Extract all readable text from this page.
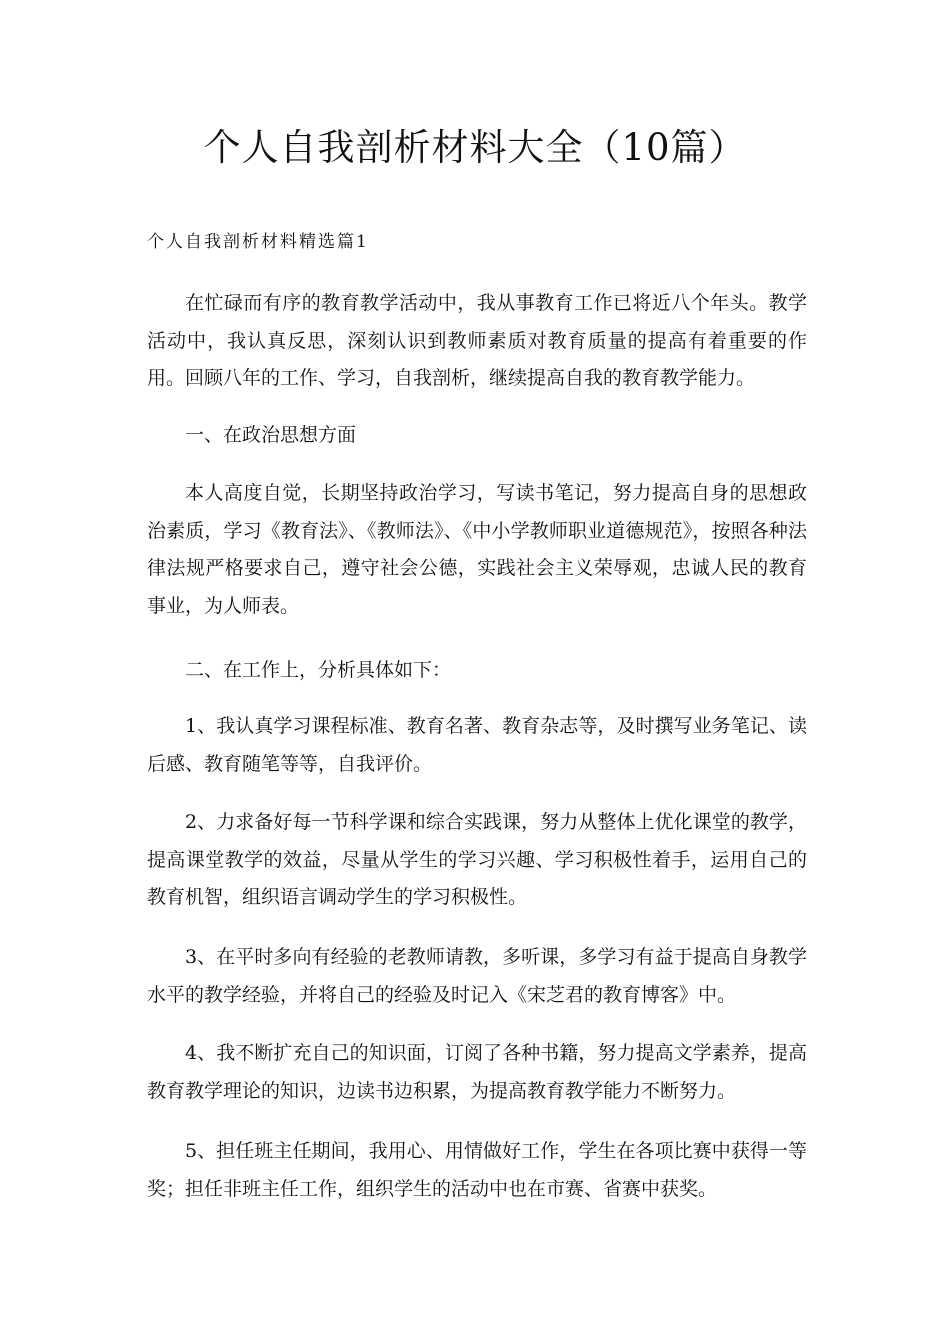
个人自我剖析材料大全（10篇）

个人自我剖析材料精选篇1

在忙碌而有序的教育教学活动中，我从事教育工作已将近八个年头。教学活动中，我认真反思，深刻认识到教师素质对教育质量的提高有着重要的作用。回顾八年的工作、学习，自我剖析，继续提高自我的教育教学能力。

一、在政治思想方面

本人高度自觉，长期坚持政治学习，写读书笔记，努力提高自身的思想政治素质，学习《教育法》、《教师法》、《中小学教师职业道德规范》，按照各种法律法规严格要求自己，遵守社会公德，实践社会主义荣辱观，忠诚人民的教育事业，为人师表。

二、在工作上，分析具体如下：

1、我认真学习课程标准、教育名著、教育杂志等，及时撰写业务笔记、读后感、教育随笔等等，自我评价。

2、力求备好每一节科学课和综合实践课，努力从整体上优化课堂的教学，提高课堂教学的效益，尽量从学生的学习兴趣、学习积极性着手，运用自己的教育机智，组织语言调动学生的学习积极性。

3、在平时多向有经验的老教师请教，多听课，多学习有益于提高自身教学水平的教学经验，并将自己的经验及时记入《宋芝君的教育博客》中。

4、我不断扩充自己的知识面，订阅了各种书籍，努力提高文学素养，提高教育教学理论的知识，边读书边积累，为提高教育教学能力不断努力。

5、担任班主任期间，我用心、用情做好工作，学生在各项比赛中获得一等奖；担任非班主任工作，组织学生的活动中也在市赛、省赛中获奖。
